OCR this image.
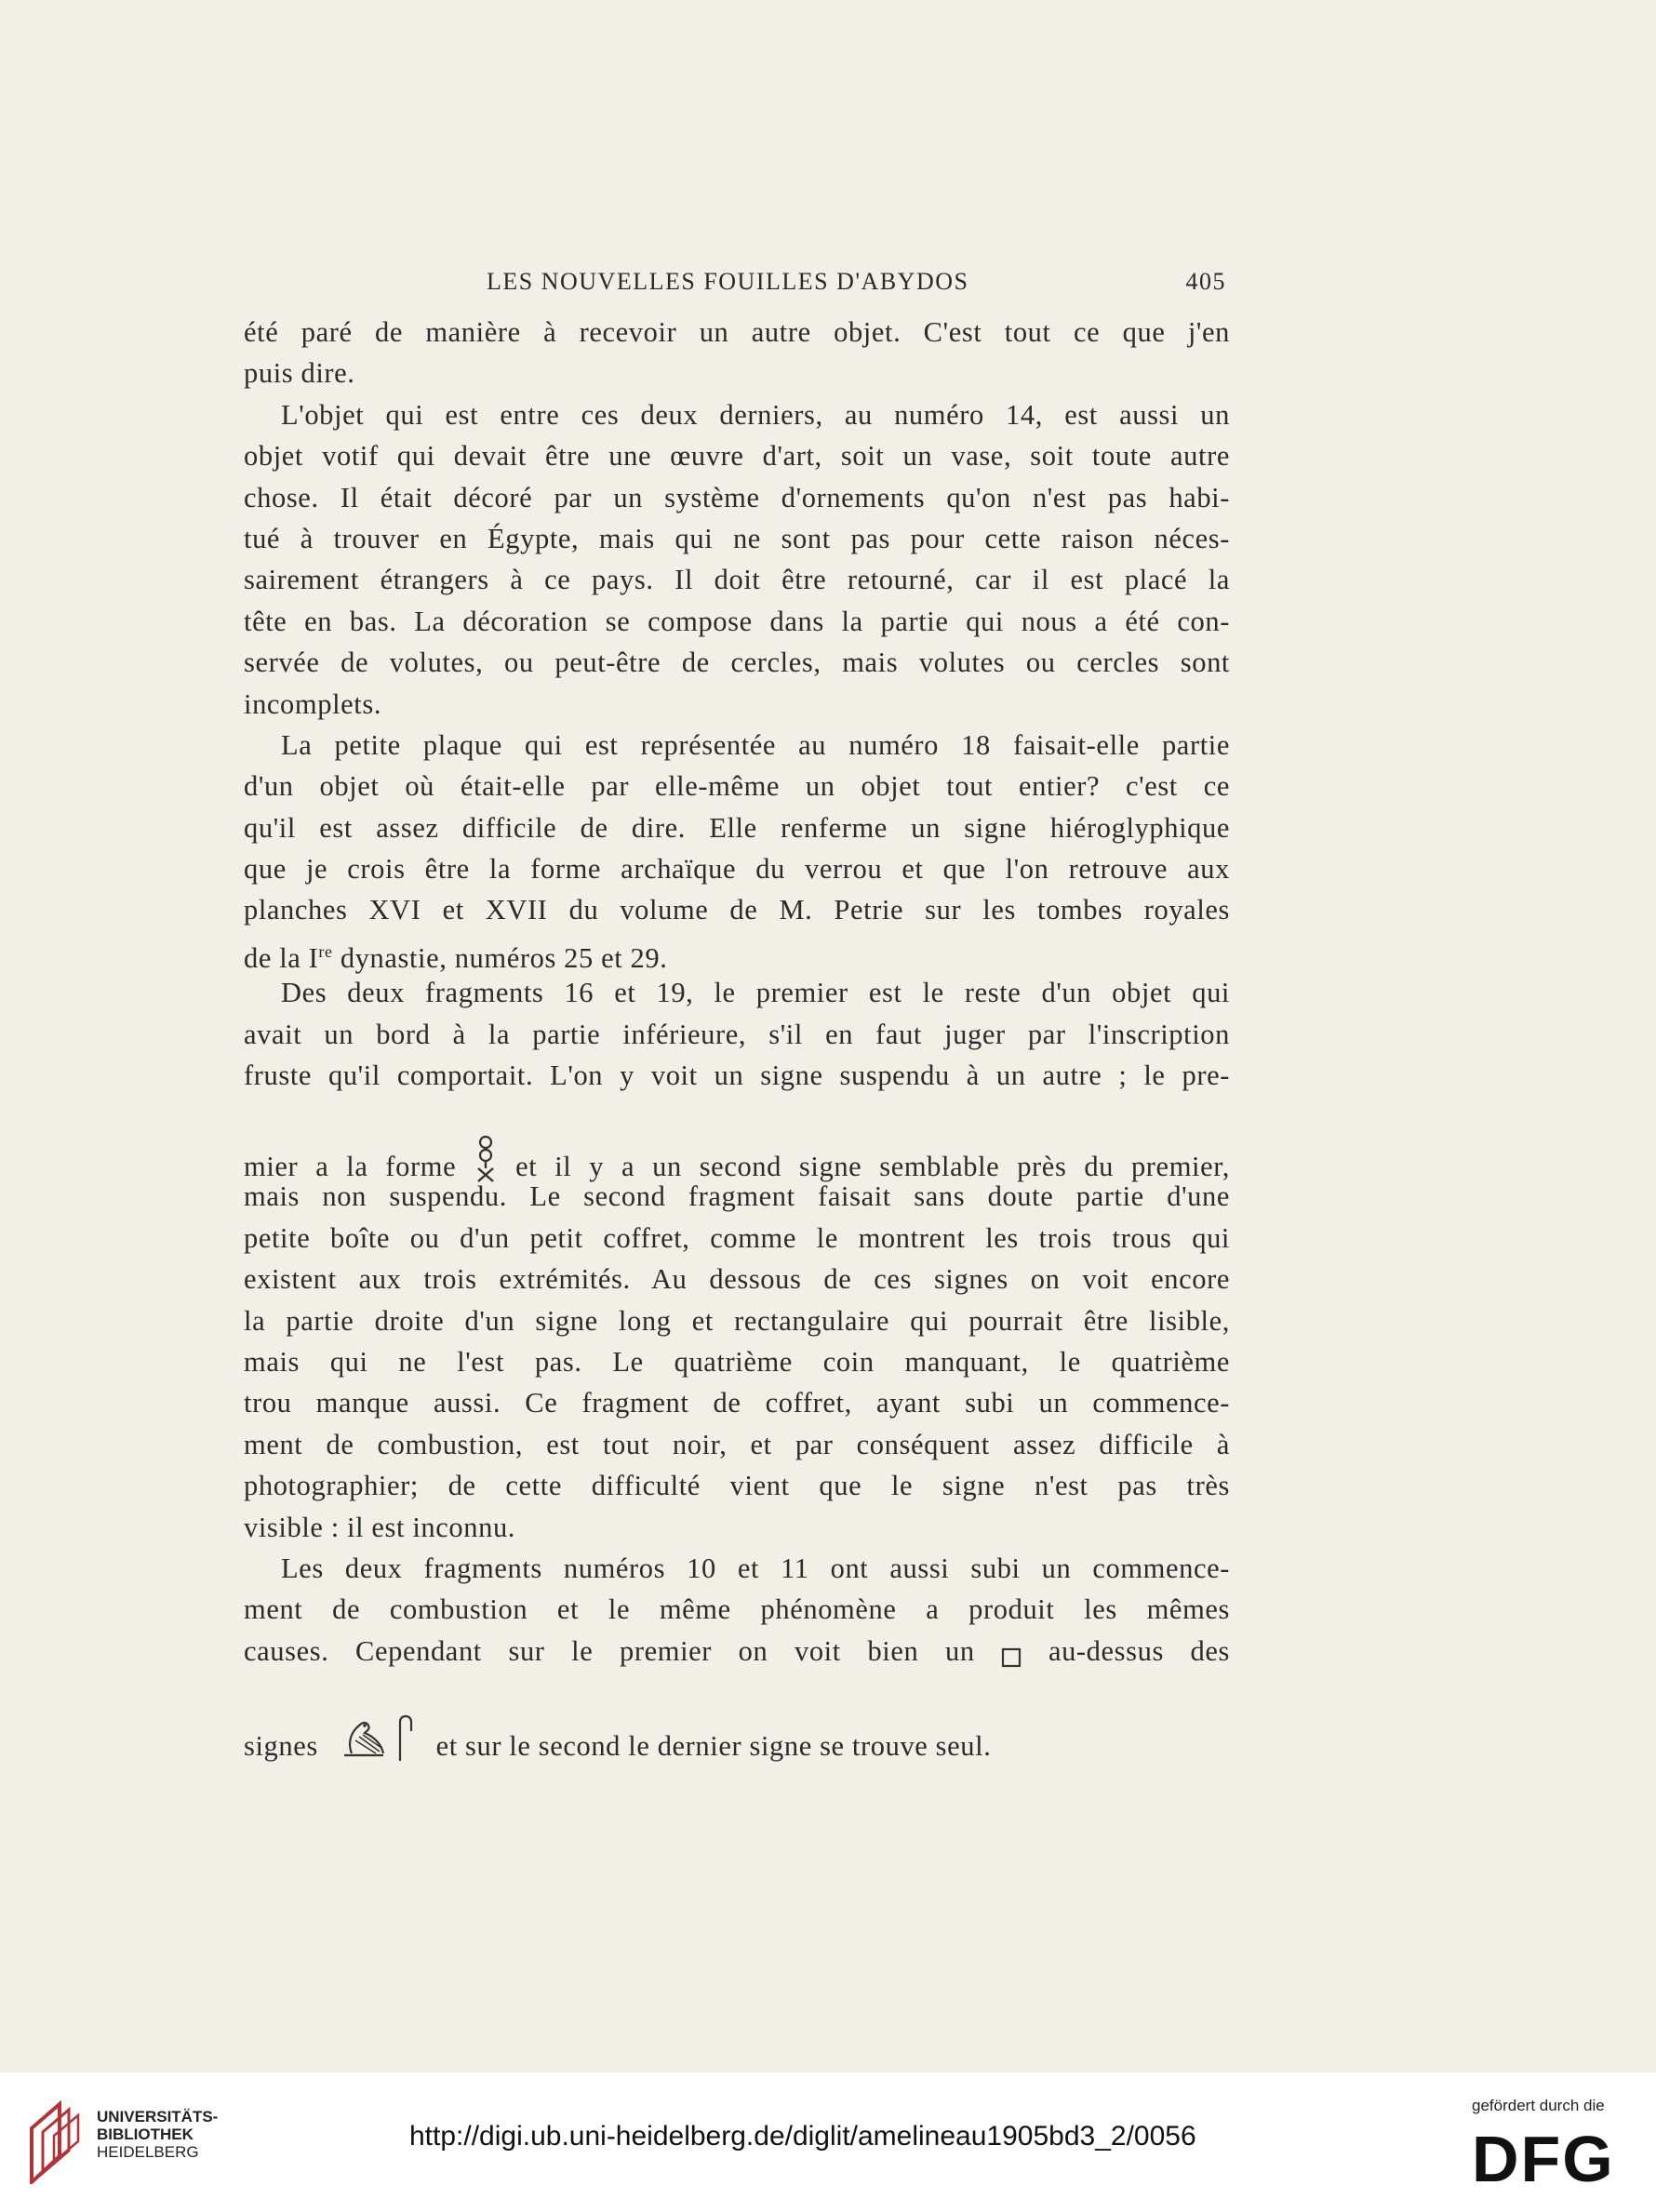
LES NOUVELLES FOUILLES D'ABYDOS	405
été paré de manière à recevoir un autre objet. C'est tout ce que j'en
puis dire.
L'objet qui est entre ces deux derniers, au numéro 14, est aussi un
objet votif qui devait être une œuvre d'art, soit un vase, soit toute autre
chose. Il était décoré par un système d'ornements qu'on n'est pas habi-
tué à trouver en Égypte, mais qui ne sont pas pour cette raison néces-
sairement étrangers à ce pays. Il doit être retourné, car il est placé la
tête en bas. La décoration se compose dans la partie qui nous a été con-
servée de volutes, ou peut-être de cercles, mais volutes ou cercles sont
incomplets.
La petite plaque qui est représentée au numéro 18 faisait-elle partie
d'un objet où était-elle par elle-même un objet tout entier? c'est ce
qu'il est assez difficile de dire. Elle renferme un signe hiéroglyphique
que je crois être la forme archaïque du verrou et que l'on retrouve aux
planches XVI et XVII du volume de M. Petrie sur les tombes royales
de la Ire dynastie, numéros 25 et 29.
Des deux fragments 16 et 19, le premier est le reste d'un objet qui
avait un bord à la partie inférieure, s'il en faut juger par l'inscription
fruste qu'il comportait. L'on y voit un signe suspendu à un autre ; le pre-
mier a la forme et il y a un second signe semblable près du premier,
mais non suspendu. Le second fragment faisait sans doute partie d'une
petite boîte ou d'un petit coffret, comme le montrent les trois trous qui
existent aux trois extrémités. Au dessous de ces signes on voit encore
la partie droite d'un signe long et rectangulaire qui pourrait être lisible,
mais qui ne l'est pas. Le quatrième coin manquant, le quatrième
trou manque aussi. Ce fragment de coffret, ayant subi un commence-
ment de combustion, est tout noir, et par conséquent assez difficile à
photographier; de cette difficulté vient que le signe n'est pas très
visible : il est inconnu.
Les deux fragments numéros 10 et 11 ont aussi subi un commence-
ment de combustion et le même phénomène a produit les mêmes
causes. Cependant sur le premier on voit bien un	au-dessus des
signes	et sur le second le dernier signe se trouve seul.
UNIVERSITÄTS-
BIBLIOTHEK
HEIDELBERG
http://digi.ub.uni-heidelberg.de/diglit/amelineau1905bd3_2/0056
gefördert durch die
DFG
